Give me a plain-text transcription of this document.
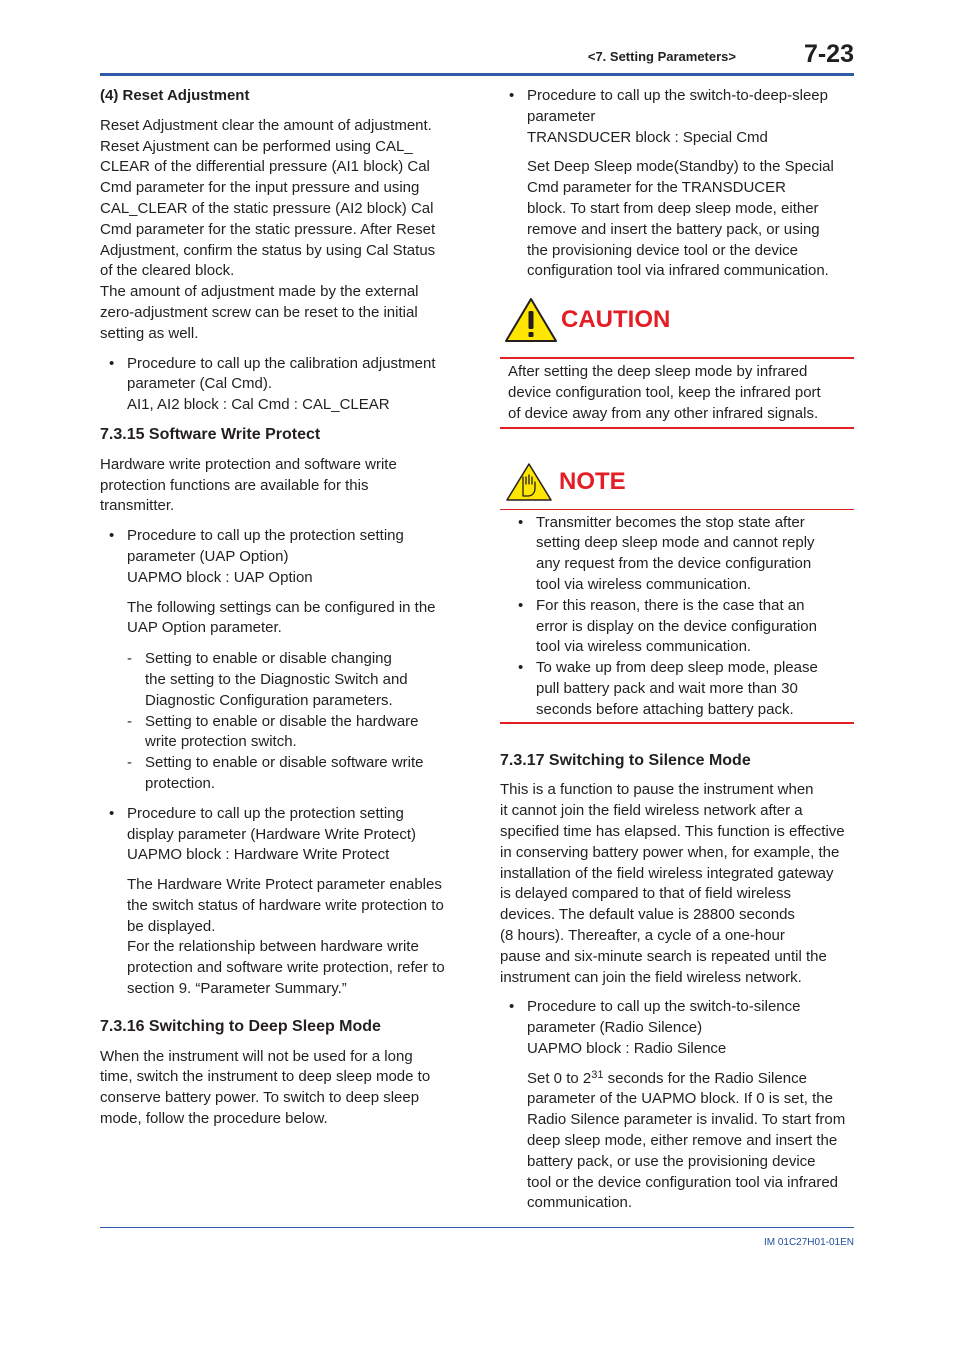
<7. Setting Parameters>	7-23

(4) Reset Adjustment

Reset Adjustment clear the amount of adjustment.
Reset Ajustment can be performed using CAL_
CLEAR of the differential pressure (AI1 block) Cal
Cmd parameter for the input pressure and using
CAL_CLEAR of the static pressure (AI2 block) Cal
Cmd parameter for the static pressure. After Reset
Adjustment, confirm the status by using Cal Status
of the cleared block.
The amount of adjustment made by the external
zero-adjustment screw can be reset to the initial
setting as well.
• Procedure to call up the calibration adjustment
parameter (Cal Cmd).
AI1, AI2 block : Cal Cmd : CAL_CLEAR

7.3.15 Software Write Protect

Hardware write protection and software write
protection functions are available for this
transmitter.
• Procedure to call up the protection setting
parameter (UAP Option)
UAPMO block : UAP Option
The following settings can be configured in the
UAP Option parameter.
- Setting to enable or disable changing
the setting to the Diagnostic Switch and
Diagnostic Configuration parameters.
- Setting to enable or disable the hardware
write protection switch.
- Setting to enable or disable software write
protection.
• Procedure to call up the protection setting
display parameter (Hardware Write Protect)
UAPMO block : Hardware Write Protect
The Hardware Write Protect parameter enables
the switch status of hardware write protection to
be displayed.
For the relationship between hardware write
protection and software write protection, refer to
section 9. “Parameter Summary.”

7.3.16 Switching to Deep Sleep Mode

When the instrument will not be used for a long
time, switch the instrument to deep sleep mode to
conserve battery power. To switch to deep sleep
mode, follow the procedure below.
• Procedure to call up the switch-to-deep-sleep
parameter
TRANSDUCER block : Special Cmd
Set Deep Sleep mode(Standby) to the Special
Cmd parameter for the TRANSDUCER
block. To start from deep sleep mode, either
remove and insert the battery pack, or using
the provisioning device tool or the device
configuration tool via infrared communication.
CAUTION
After setting the deep sleep mode by infrared
device configuration tool, keep the infrared port
of device away from any other infrared signals.
NOTE
• Transmitter becomes the stop state after
setting deep sleep mode and cannot reply
any request from the device configuration
tool via wireless communication.
• For this reason, there is the case that an
error is display on the device configuration
tool via wireless communication.
• To wake up from deep sleep mode, please
pull battery pack and wait more than 30
seconds before attaching battery pack.

7.3.17 Switching to Silence Mode

This is a function to pause the instrument when
it cannot join the field wireless network after a
specified time has elapsed. This function is effective
in conserving battery power when, for example, the
installation of the field wireless integrated gateway
is delayed compared to that of field wireless
devices. The default value is 28800 seconds
(8 hours). Thereafter, a cycle of a one-hour
pause and six-minute search is repeated until the
instrument can join the field wireless network.
• Procedure to call up the switch-to-silence
parameter (Radio Silence)
UAPMO block : Radio Silence
Set 0 to $2^{31}$ seconds for the Radio Silence
parameter of the UAPMO block. If 0 is set, the
Radio Silence parameter is invalid. To start from
deep sleep mode, either remove and insert the
battery pack, or use the provisioning device
tool or the device configuration tool via infrared
communication.
IM 01C27H01-01EN
